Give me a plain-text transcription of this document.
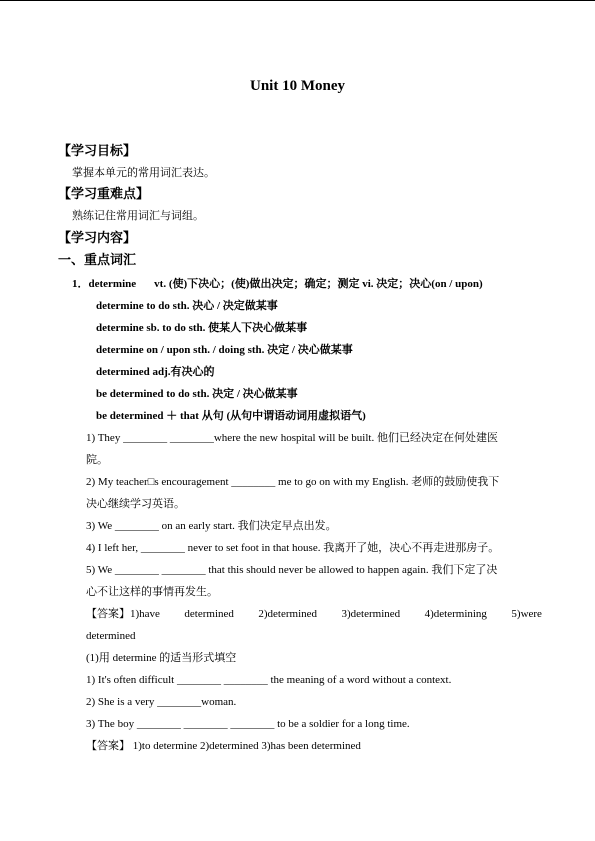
Unit 10 Money
【学习目标】
掌握本单元的常用词汇表达。
【学习重难点】
熟练记住常用词汇与词组。
【学习内容】
一、重点词汇
1．determine vt. (使)下决心；(使)做出决定；确定；测定 vi. 决定；决心(on / upon)
determine to do sth. 决心 / 决定做某事
determine sb. to do sth. 使某人下决心做某事
determine on / upon sth. / doing sth. 决定 / 决心做某事
determined adj.有决心的
be determined to do sth. 决定 / 决心做某事
be determined ＋ that 从句 (从句中谓语动词用虚拟语气)
1) They ________ ________where the new hospital will be built. 他们已经决定在何处建医
院。
2) My teacher□s encouragement ________ me to go on with my English. 老师的鼓励使我下
决心继续学习英语。
3) We ________ on an early start. 我们决定早点出发。
4) I left her, ________ never to set foot in that house. 我离开了她，决心不再走进那房子。
5) We ________ ________ that this should never be allowed to happen again. 我们下定了决
心不让这样的事情再发生。
【答案】1)have determined 2)determined 3)determined 4)determining 5)were
determined
(1)用 determine 的适当形式填空
1) It's often difficult ________ ________ the meaning of a word without a context.
2) She is a very ________woman.
3) The boy ________ ________ ________ to be a soldier for a long time.
【答案】 1)to determine 2)determined 3)has been determined
